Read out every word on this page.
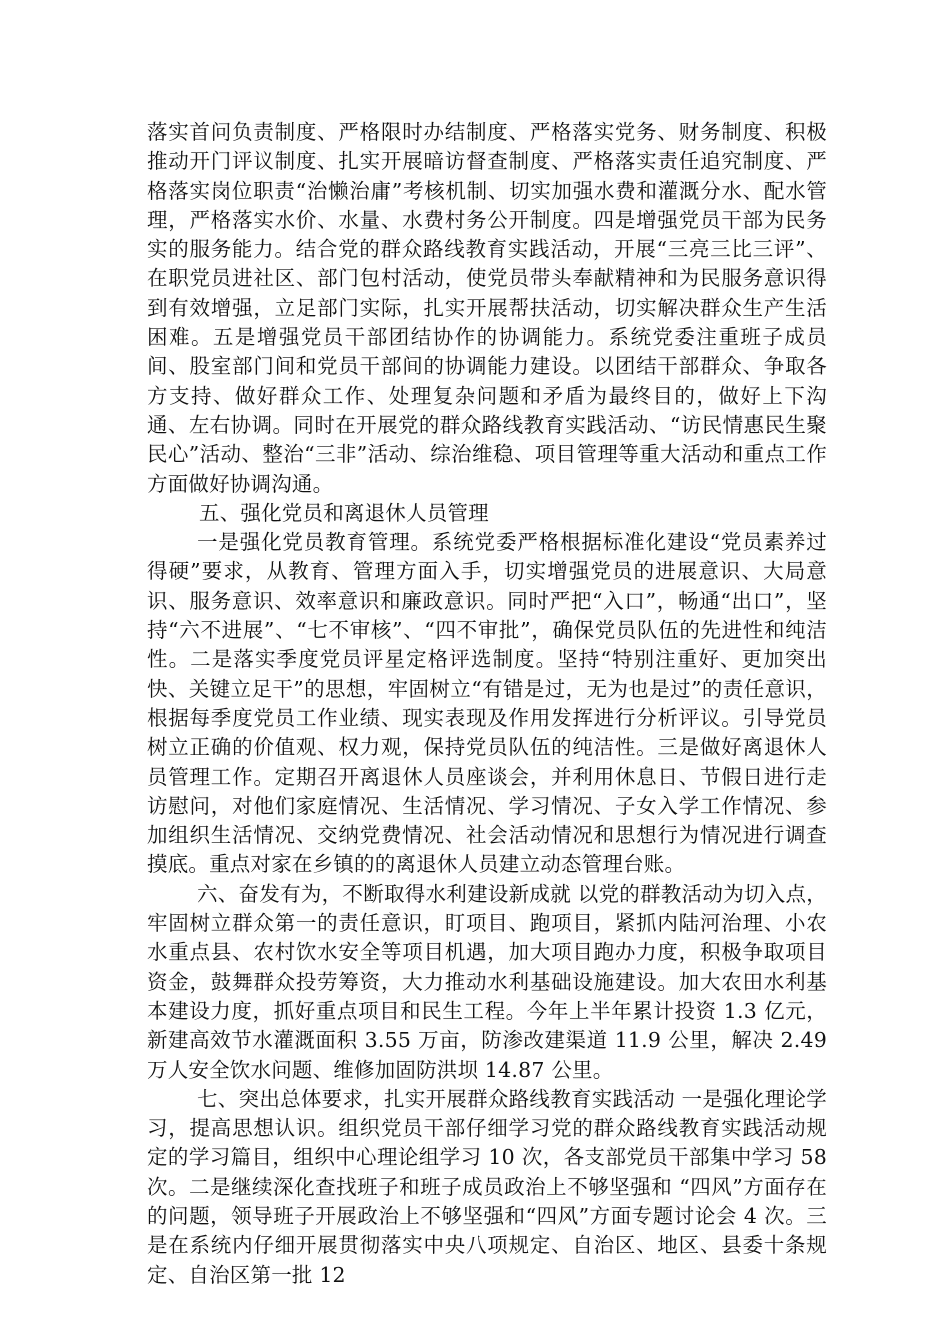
落实首问负责制度、严格限时办结制度、严格落实党务、财务制度、积极推动开门评议制度、扎实开展暗访督查制度、严格落实责任追究制度、严格落实岗位职责“治懒治庸”考核机制、切实加强水费和灌溉分水、配水管理，严格落实水价、水量、水费村务公开制度。四是增强党员干部为民务实的服务能力。结合党的群众路线教育实践活动，开展“三亮三比三评”、在职党员进社区、部门包村活动，使党员带头奉献精神和为民服务意识得到有效增强，立足部门实际，扎实开展帮扶活动，切实解决群众生产生活困难。五是增强党员干部团结协作的协调能力。系统党委注重班子成员间、股室部门间和党员干部间的协调能力建设。以团结干部群众、争取各方支持、做好群众工作、处理复杂问题和矛盾为最终目的，做好上下沟通、左右协调。同时在开展党的群众路线教育实践活动、“访民情惠民生聚民心”活动、整治“三非”活动、综治维稳、项目管理等重大活动和重点工作方面做好协调沟通。

五、强化党员和离退休人员管理

一是强化党员教育管理。系统党委严格根据标准化建设“党员素养过得硬”要求，从教育、管理方面入手，切实增强党员的进展意识、大局意识、服务意识、效率意识和廉政意识。同时严把“入口”，畅通“出口”，坚持“六不进展”、“七不审核”、“四不审批”，确保党员队伍的先进性和纯洁性。二是落实季度党员评星定格评选制度。坚持“特别注重好、更加突出快、关键立足干”的思想，牢固树立“有错是过，无为也是过”的责任意识，根据每季度党员工作业绩、现实表现及作用发挥进行分析评议。引导党员树立正确的价值观、权力观，保持党员队伍的纯洁性。三是做好离退休人员管理工作。定期召开离退休人员座谈会，并利用休息日、节假日进行走访慰问，对他们家庭情况、生活情况、学习情况、子女入学工作情况、参加组织生活情况、交纳党费情况、社会活动情况和思想行为情况进行调查摸底。重点对家在乡镇的的离退休人员建立动态管理台账。

六、奋发有为，不断取得水利建设新成就 以党的群教活动为切入点，牢固树立群众第一的责任意识，盯项目、跑项目，紧抓内陆河治理、小农水重点县、农村饮水安全等项目机遇，加大项目跑办力度，积极争取项目资金，鼓舞群众投劳筹资，大力推动水利基础设施建设。加大农田水利基本建设力度，抓好重点项目和民生工程。今年上半年累计投资 1.3 亿元，新建高效节水灌溉面积 3.55 万亩，防渗改建渠道 11.9 公里，解决 2.49 万人安全饮水问题、维修加固防洪坝 14.87 公里。

七、突出总体要求，扎实开展群众路线教育实践活动 一是强化理论学习，提高思想认识。组织党员干部仔细学习党的群众路线教育实践活动规定的学习篇目，组织中心理论组学习 10 次，各支部党员干部集中学习 58 次。二是继续深化查找班子和班子成员政治上不够坚强和 “四风”方面存在的问题，领导班子开展政治上不够坚强和“四风”方面专题讨论会 4 次。三是在系统内仔细开展贯彻落实中央八项规定、自治区、地区、县委十条规定、自治区第一批 12
